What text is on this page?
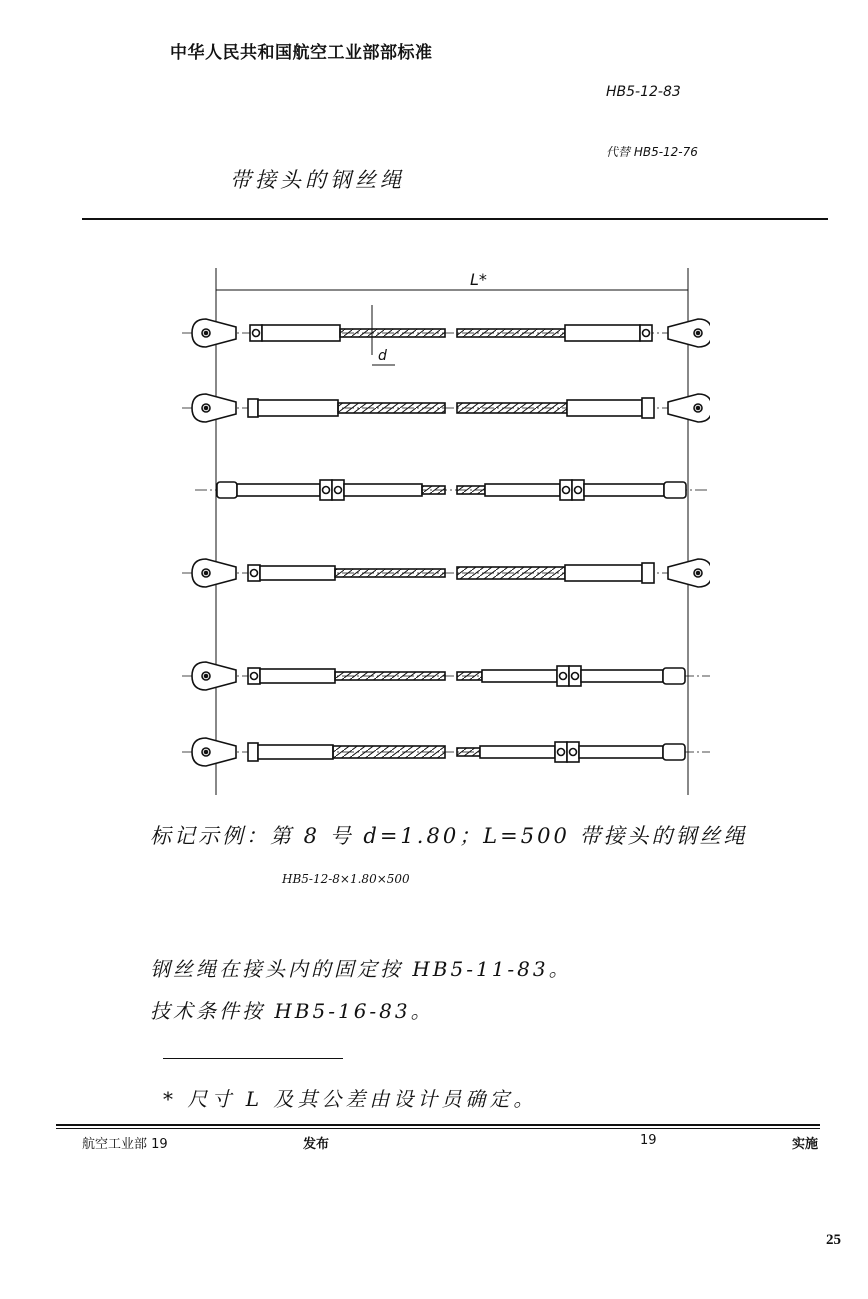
中华人民共和国航空工业部部标准
HB5-12-83
代替 HB5-12-76
带接头的钢丝绳
L*
d
标记示例：第 8 号 d=1.80；L=500 带接头的钢丝绳
HB5-12-8×1.80×500
钢丝绳在接头内的固定按 HB5-11-83。
技术条件按 HB5-16-83。
* 尺寸 L 及其公差由设计员确定。
航空工业部 19	发布	19	实施
25
